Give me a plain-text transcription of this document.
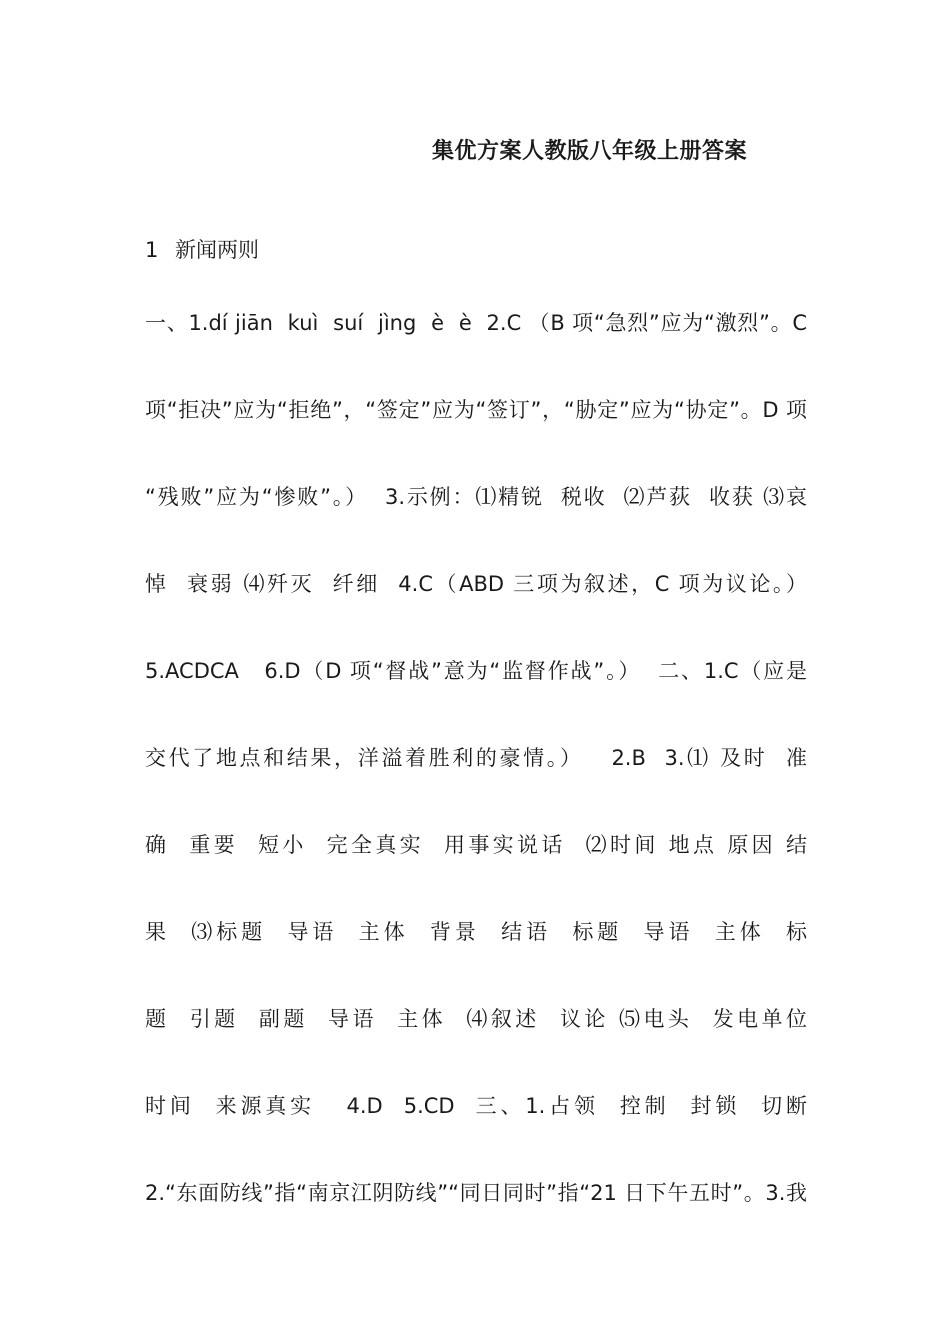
集优方案人教版八年级上册答案
1 新闻两则
一、1.dí jiān  kuì  suí  jìng  è  è  2.C （B 项“急烈”应为“激烈”。C
项“拒决”应为“拒绝”，“签定”应为“签订”，“胁定”应为“协定”。D 项
“残败”应为“惨败”。）  3.示例：⑴精锐  税收  ⑵芦荻  收获 ⑶哀
悼  衰弱 ⑷歼灭  纤细  4.C（ABD 三项为叙述，C 项为议论。）
5.ACDCA   6.D（D 项“督战”意为“监督作战”。）  二、1.C（应是
交代了地点和结果，洋溢着胜利的豪情。）   2.B  3.⑴ 及时  准
确  重要  短小  完全真实  用事实说话  ⑵时间 地点 原因 结
果  ⑶标题  导语  主体  背景  结语  标题  导语  主体  标
题  引题  副题  导语  主体  ⑷叙述  议论 ⑸电头  发电单位
时间  来源真实   4.D  5.CD  三、1.占领  控制  封锁  切断
2.“东面防线”指“南京江阴防线”“同日同时”指“21 日下午五时”。3.我
